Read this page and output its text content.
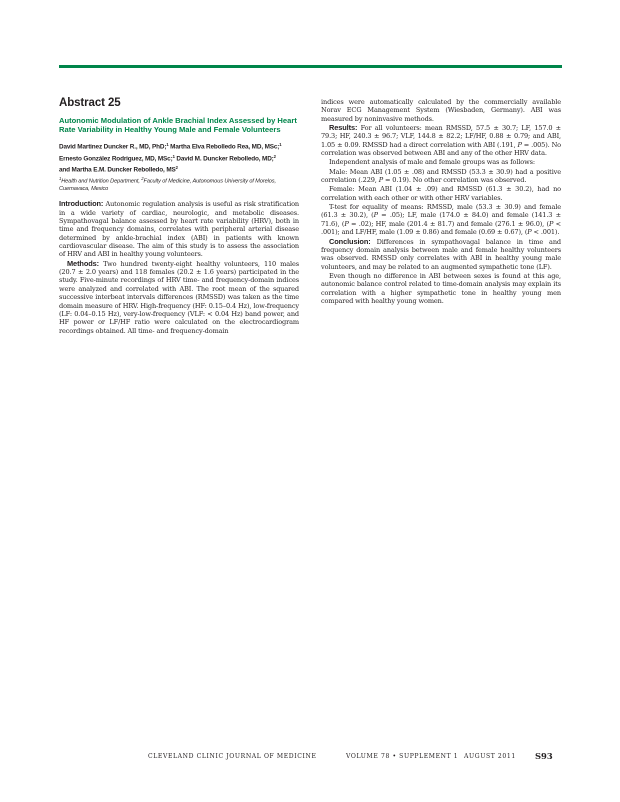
Abstract 25
Autonomic Modulation of Ankle Brachial Index Assessed by Heart Rate Variability in Healthy Young Male and Female Volunteers
David Martinez Duncker R., MD, PhD;$^1$ Martha Elva Rebolledo Rea, MD, MSc;$^1$
Ernesto González Rodriguez, MD, MSc;$^1$ David M. Duncker Rebolledo, MD;$^2$
and Martha E.M. Duncker Rebolledo, $MS^2$
$^1$Health and Nutrition Department, $^2$Faculty of Medicine, Autonomous University of Morelos, Cuernavaca, Mexico

Introduction: Autonomic regulation analysis is useful as risk stratification in a wide variety of cardiac, neurologic, and metabolic diseases. Sympathovagal balance assessed by heart rate variability (HRV), both in time and frequency domains, correlates with peripheral arterial disease determined by ankle-brachial index (ABI) in patients with known cardiovascular disease. The aim of this study is to assess the association of HRV and ABI in healthy young volunteers.

Methods: Two hundred twenty-eight healthy volunteers, 110 males (20.7 ± 2.0 years) and 118 females (20.2 ± 1.6 years) participated in the study. Five-minute recordings of HRV time- and frequency-domain indices were analyzed and correlated with ABI. The root mean of the squared successive interbeat intervals differences (RMSSD) was taken as the time domain measure of HRV. High-frequency (HF: 0.15–0.4 Hz), low-frequency (LF: 0.04–0.15 Hz), very-low-frequency (VLF: < 0.04 Hz) band power, and HF power or LF/HF ratio were calculated on the electrocardiogram recordings obtained. All time- and frequency-domain

indices were automatically calculated by the commercially available Norav ECG Management System (Wiesbaden, Germany). ABI was measured by noninvasive methods.

Results: For all volunteers: mean RMSSD, 57.5 ± 30.7; LF, 157.0 ± 79.3; HF, 240.3 ± 96.7; VLF, 144.8 ± 82.2; LF/HF, 0.88 ± 0.79; and ABI, 1.05 ± 0.09. RMSSD had a direct correlation with ABI (.191, P = .005). No correlation was observed between ABI and any of the other HRV data.

Independent analysis of male and female groups was as follows:

Male: Mean ABI (1.05 ± .08) and RMSSD (53.3 ± 30.9) had a positive correlation (.229, P = 0.19). No other correlation was observed.

Female: Mean ABI (1.04 ± .09) and RMSSD (61.3 ± 30.2), had no correlation with each other or with other HRV variables.

T-test for equality of means: RMSSD, male (53.3 ± 30.9) and female (61.3 ± 30.2), (P = .05); LF, male (174.0 ± 84.0) and female (141.3 ± 71.6), (P = .02); HF, male (201.4 ± 81.7) and female (276.1 ± 96.0), (P < .001); and LF/HF, male (1.09 ± 0.86) and female (0.69 ± 0.67), (P < .001).

Conclusion: Differences in sympathovagal balance in time and frequency domain analysis between male and female healthy volunteers was observed. RMSSD only correlates with ABI in healthy young male volunteers, and may be related to an augmented sympathetic tone (LF).

Even though no difference in ABI between sexes is found at this age, autonomic balance control related to time-domain analysis may explain its correlation with a higher sympathetic tone in healthy young men compared with healthy young women.

CLEVELAND CLINIC JOURNAL OF MEDICINE	VOLUME 78 • SUPPLEMENT 1 AUGUST 2011 S93
